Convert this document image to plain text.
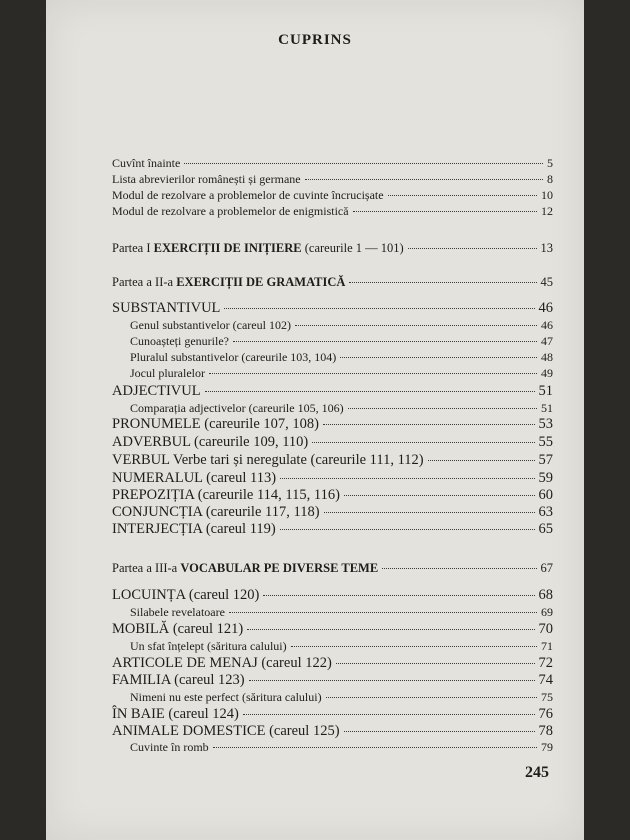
CUPRINS
Cuvînt înainte	5
Lista abrevierilor românești și germane	8
Modul de rezolvare a problemelor de cuvinte încrucișate	10
Modul de rezolvare a problemelor de enigmistică	12
Partea I EXERCIȚII DE INIȚIERE (careurile 1 — 101)	13
Partea a II-a EXERCIȚII DE GRAMATICĂ	45
SUBSTANTIVUL	46
Genul substantivelor (careul 102)	46
Cunoașteți genurile?	47
Pluralul substantivelor (careurile 103, 104)	48
Jocul pluralelor	49
ADJECTIVUL	51
Comparația adjectivelor (careurile 105, 106)	51
PRONUMELE (careurile 107, 108)	53
ADVERBUL (careurile 109, 110)	55
VERBUL Verbe tari și neregulate (careurile 111, 112)	57
NUMERALUL (careul 113)	59
PREPOZIȚIA (careurile 114, 115, 116)	60
CONJUNCȚIA (careurile 117, 118)	63
INTERJECȚIA (careul 119)	65
Partea a III-a VOCABULAR PE DIVERSE TEME	67
LOCUINȚA (careul 120)	68
Silabele revelatoare	69
MOBILĂ (careul 121)	70
Un sfat înțelept (săritura calului)	71
ARTICOLE DE MENAJ (careul 122)	72
FAMILIA (careul 123)	74
Nimeni nu este perfect (săritura calului)	75
ÎN BAIE (careul 124)	76
ANIMALE DOMESTICE (careul 125)	78
Cuvinte în romb	79
245
